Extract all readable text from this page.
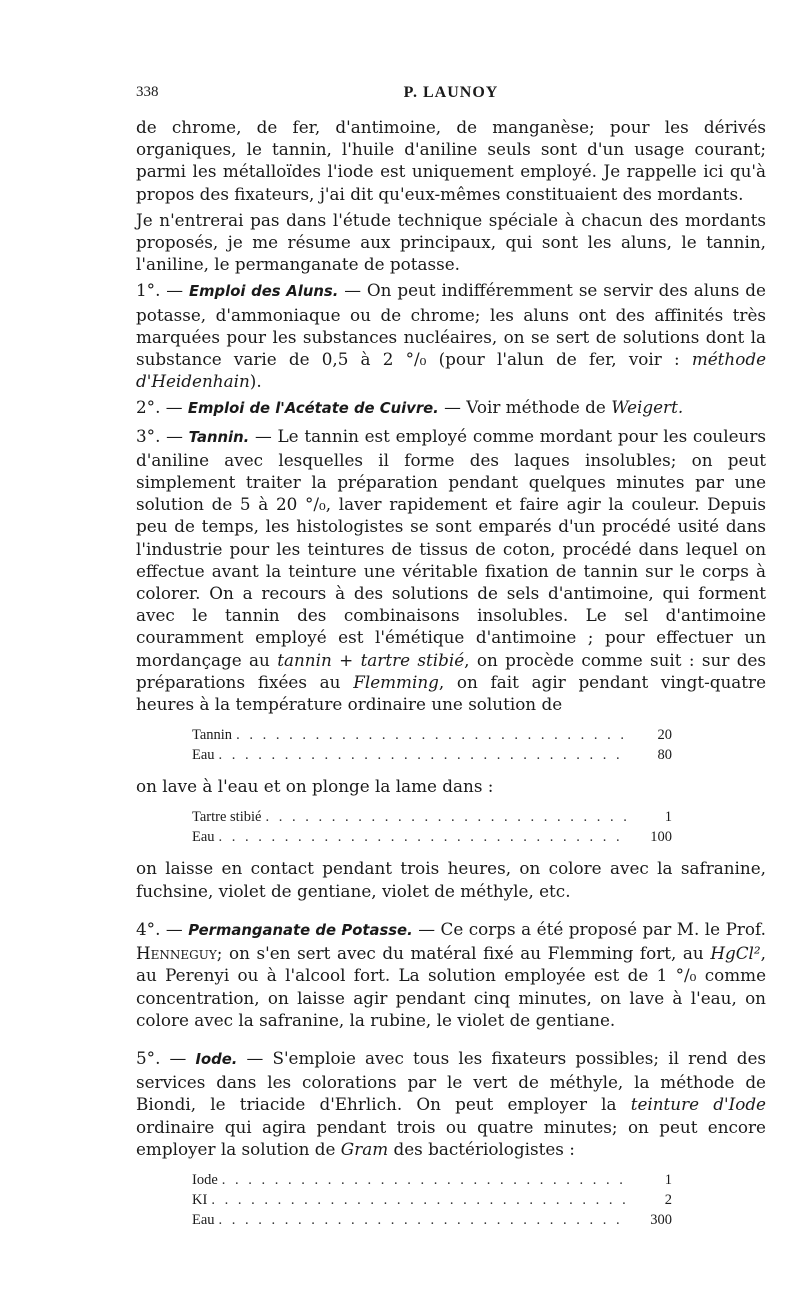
338	P. LAUNOY

de chrome, de fer, d'antimoine, de manganèse; pour les dérivés organiques, le tannin, l'huile d'aniline seuls sont d'un usage courant; parmi les métalloïdes l'iode est uniquement employé. Je rappelle ici qu'à propos des fixateurs, j'ai dit qu'eux-mêmes constituaient des mordants.

Je n'entrerai pas dans l'étude technique spéciale à chacun des mordants proposés, je me résume aux principaux, qui sont les aluns, le tannin, l'aniline, le permanganate de potasse.

1°. — Emploi des Aluns. — On peut indifféremment se servir des aluns de potasse, d'ammoniaque ou de chrome; les aluns ont des affinités très marquées pour les substances nucléaires, on se sert de solutions dont la substance varie de 0,5 à 2 °/₀ (pour l'alun de fer, voir : méthode d'Heidenhain).

2°. — Emploi de l'Acétate de Cuivre. — Voir méthode de Weigert.

3°. — Tannin. — Le tannin est employé comme mordant pour les couleurs d'aniline avec lesquelles il forme des laques insolubles; on peut simplement traiter la préparation pendant quelques minutes par une solution de 5 à 20 °/₀, laver rapidement et faire agir la couleur. Depuis peu de temps, les histologistes se sont emparés d'un procédé usité dans l'industrie pour les teintures de tissus de coton, procédé dans lequel on effectue avant la teinture une véritable fixation de tannin sur le corps à colorer. On a recours à des solutions de sels d'antimoine, qui forment avec le tannin des combinaisons insolubles. Le sel d'antimoine couramment employé est l'émétique d'antimoine ; pour effectuer un mordançage au tannin + tartre stibié, on procède comme suit : sur des préparations fixées au Flemming, on fait agir pendant vingt-quatre heures à la température ordinaire une solution de

Tannin . . .	20
Eau . . .	80

on lave à l'eau et on plonge la lame dans :

Tartre stibié . . .	1
Eau . . .	100

on laisse en contact pendant trois heures, on colore avec la safranine, fuchsine, violet de gentiane, violet de méthyle, etc.

4°. — Permanganate de Potasse. — Ce corps a été proposé par M. le Prof. Henneguy; on s'en sert avec du matéral fixé au Flemming fort, au HgCl², au Perenyi ou à l'alcool fort. La solution employée est de 1 °/₀ comme concentration, on laisse agir pendant cinq minutes, on lave à l'eau, on colore avec la safranine, la rubine, le violet de gentiane.

5°. — Iode. — S'emploie avec tous les fixateurs possibles; il rend des services dans les colorations par le vert de méthyle, la méthode de Biondi, le triacide d'Ehrlich. On peut employer la teinture d'Iode ordinaire qui agira pendant trois ou quatre minutes; on peut encore employer la solution de Gram des bactériologistes :

Iode . . .	1
KI . . .	2
Eau . . .	300
